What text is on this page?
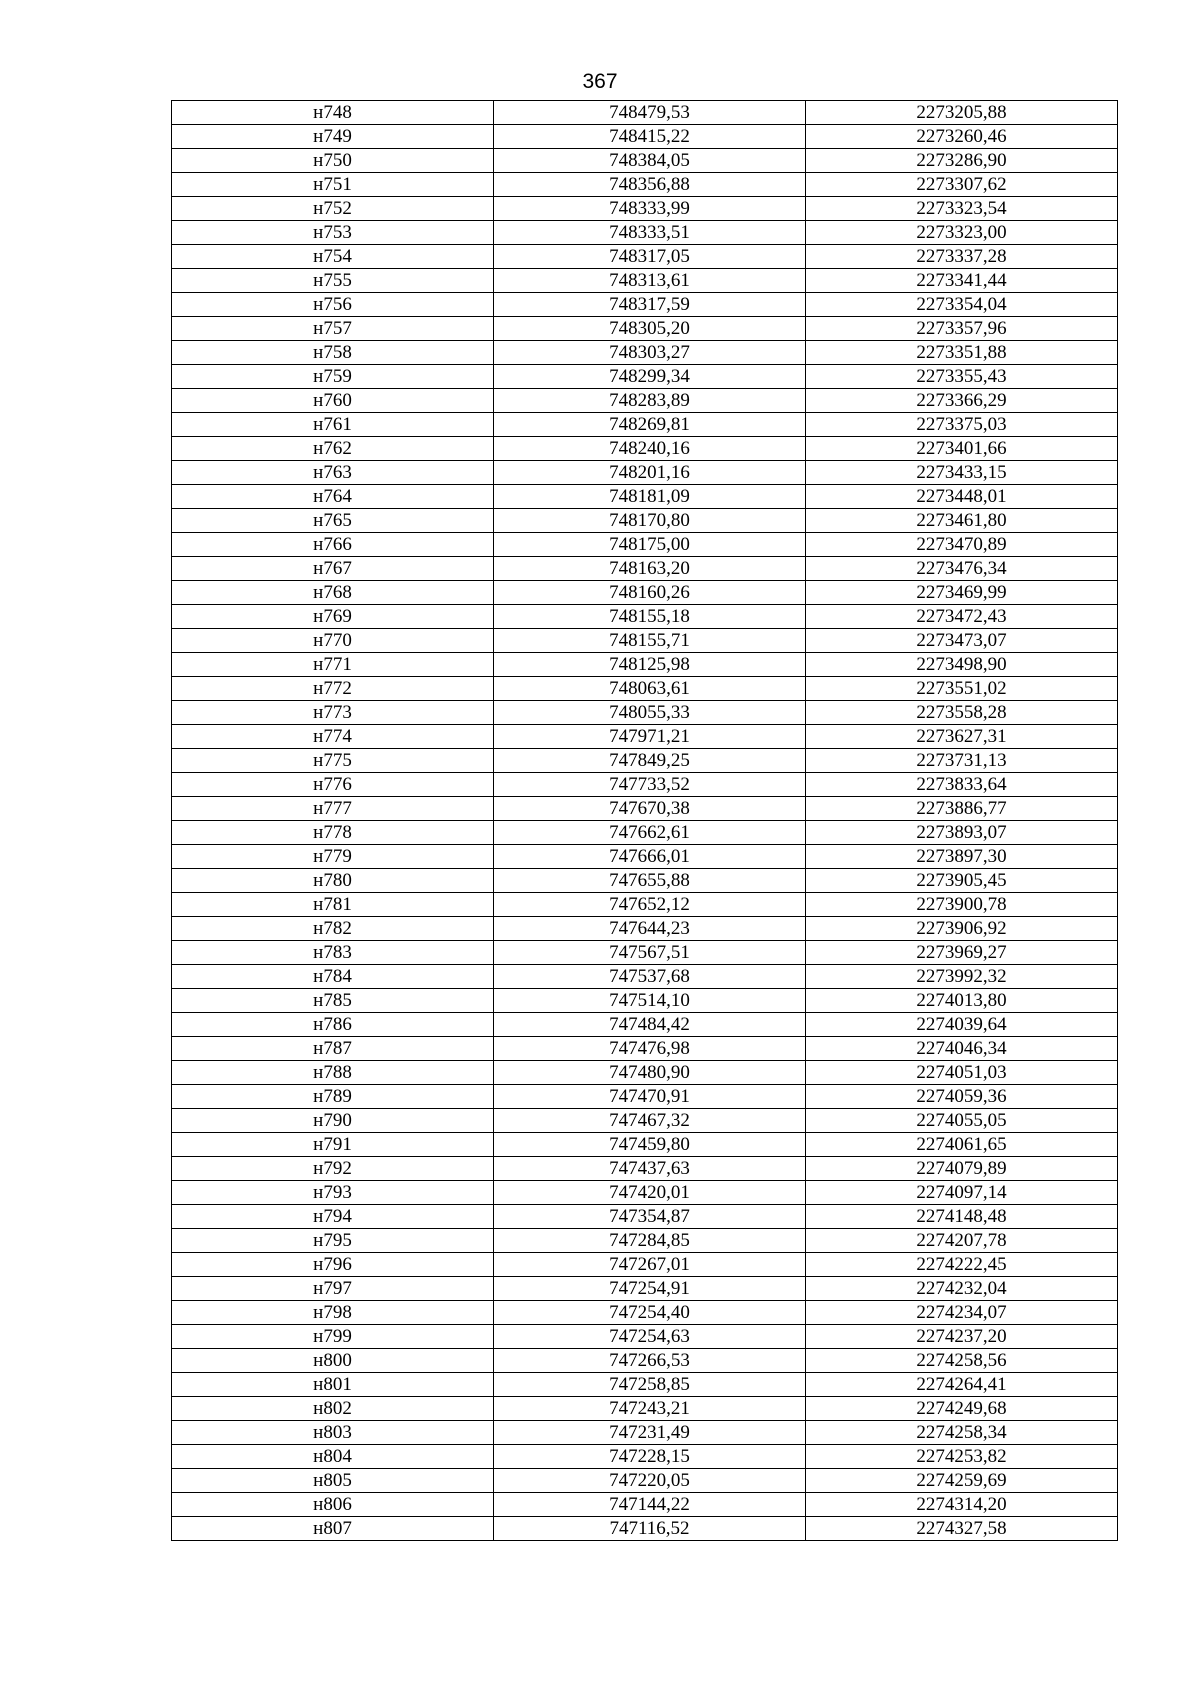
367
н748	748479,53	2273205,88
н749	748415,22	2273260,46
н750	748384,05	2273286,90
н751	748356,88	2273307,62
н752	748333,99	2273323,54
н753	748333,51	2273323,00
н754	748317,05	2273337,28
н755	748313,61	2273341,44
н756	748317,59	2273354,04
н757	748305,20	2273357,96
н758	748303,27	2273351,88
н759	748299,34	2273355,43
н760	748283,89	2273366,29
н761	748269,81	2273375,03
н762	748240,16	2273401,66
н763	748201,16	2273433,15
н764	748181,09	2273448,01
н765	748170,80	2273461,80
н766	748175,00	2273470,89
н767	748163,20	2273476,34
н768	748160,26	2273469,99
н769	748155,18	2273472,43
н770	748155,71	2273473,07
н771	748125,98	2273498,90
н772	748063,61	2273551,02
н773	748055,33	2273558,28
н774	747971,21	2273627,31
н775	747849,25	2273731,13
н776	747733,52	2273833,64
н777	747670,38	2273886,77
н778	747662,61	2273893,07
н779	747666,01	2273897,30
н780	747655,88	2273905,45
н781	747652,12	2273900,78
н782	747644,23	2273906,92
н783	747567,51	2273969,27
н784	747537,68	2273992,32
н785	747514,10	2274013,80
н786	747484,42	2274039,64
н787	747476,98	2274046,34
н788	747480,90	2274051,03
н789	747470,91	2274059,36
н790	747467,32	2274055,05
н791	747459,80	2274061,65
н792	747437,63	2274079,89
н793	747420,01	2274097,14
н794	747354,87	2274148,48
н795	747284,85	2274207,78
н796	747267,01	2274222,45
н797	747254,91	2274232,04
н798	747254,40	2274234,07
н799	747254,63	2274237,20
н800	747266,53	2274258,56
н801	747258,85	2274264,41
н802	747243,21	2274249,68
н803	747231,49	2274258,34
н804	747228,15	2274253,82
н805	747220,05	2274259,69
н806	747144,22	2274314,20
н807	747116,52	2274327,58
